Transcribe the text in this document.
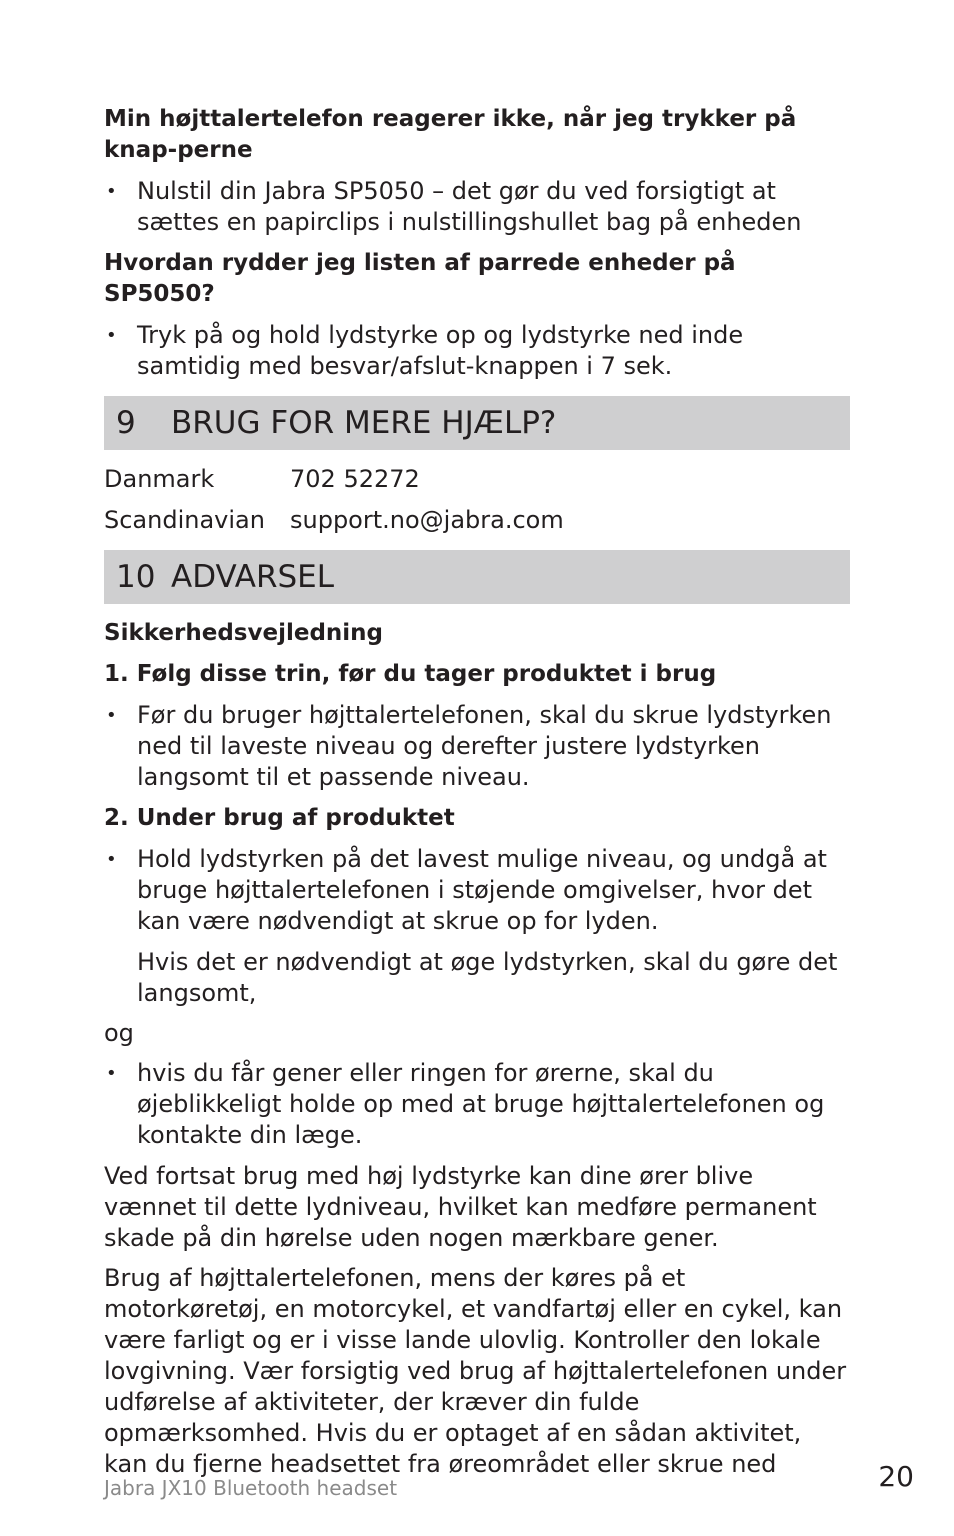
Min højttalertelefon reagerer ikke, når jeg trykker på knap-perne
• Nulstil din Jabra SP5050 – det gør du ved forsigtigt at sættes en papirclips i nulstillingshullet bag på enheden
Hvordan rydder jeg listen af parrede enheder på SP5050?
• Tryk på og hold lydstyrke op og lydstyrke ned inde samtidig med besvar/afslut-knappen i 7 sek.
9	BRUG FOR MERE HJÆLP?
Danmark	702 52272
Scandinavian	support.no@jabra.com
10 ADVARSEL
Sikkerhedsvejledning
1. Følg disse trin, før du tager produktet i brug
• Før du bruger højttalertelefonen, skal du skrue lydstyrken ned til laveste niveau og derefter justere lydstyrken langsomt til et passende niveau.
2. Under brug af produktet
• Hold lydstyrken på det lavest mulige niveau, og undgå at bruge højttalertelefonen i støjende omgivelser, hvor det kan være nødvendigt at skrue op for lyden.
Hvis det er nødvendigt at øge lydstyrken, skal du gøre det langsomt,
og
• hvis du får gener eller ringen for ørerne, skal du øjeblikkeligt holde op med at bruge højttalertelefonen og kontakte din læge.
Ved fortsat brug med høj lydstyrke kan dine ører blive vænnet til dette lydniveau, hvilket kan medføre permanent skade på din hørelse uden nogen mærkbare gener.
Brug af højttalertelefonen, mens der køres på et motorkøretøj, en motorcykel, et vandfartøj eller en cykel, kan være farligt og er i visse lande ulovlig. Kontroller den lokale lovgivning. Vær forsigtig ved brug af højttalertelefonen under udførelse af aktiviteter, der kræver din fulde opmærksomhed. Hvis du er optaget af en sådan aktivitet, kan du fjerne headsettet fra øreområdet eller skrue ned
Jabra JX10 Bluetooth headset	20
